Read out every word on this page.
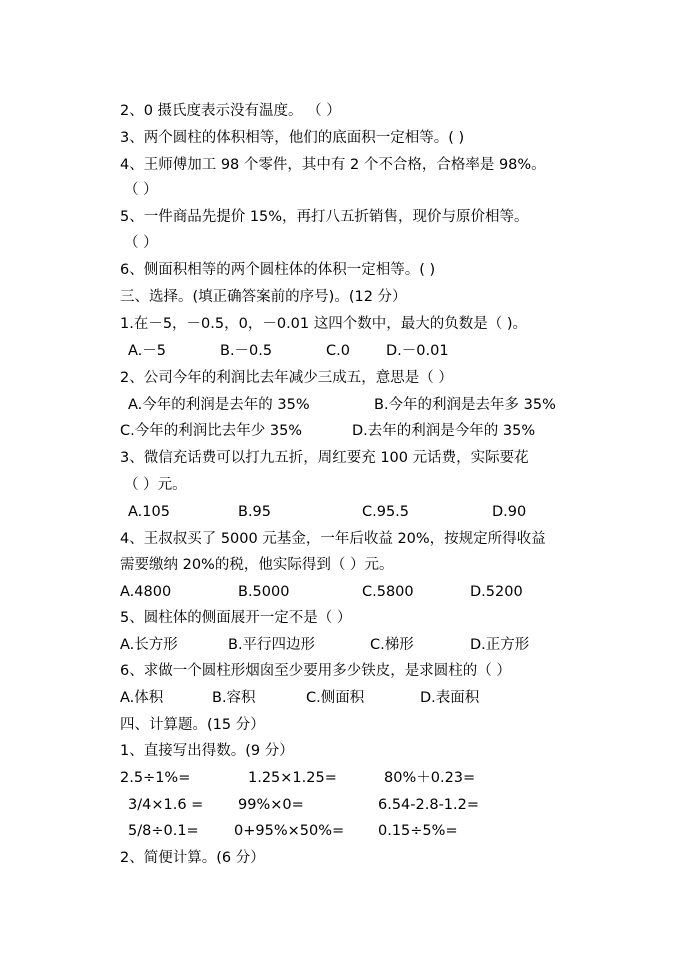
2、0 摄氏度表示没有温度。 （ ）
3、两个圆柱的体积相等，他们的底面积一定相等。( )
4、王师傅加工 98 个零件，其中有 2 个不合格，合格率是 98%。
（ ）
5、一件商品先提价 15%，再打八五折销售，现价与原价相等。
（ ）
6、侧面积相等的两个圆柱体的体积一定相等。( )
三、选择。(填正确答案前的序号)。(12 分）
1.在－5，－0.5，0，－0.01 这四个数中，最大的负数是（ )。
A.－5	B.－0.5	C.0 D.－0.01
2、公司今年的利润比去年减少三成五，意思是（ ）
A.今年的利润是去年的 35%	B.今年的利润是去年多 35%
C.今年的利润比去年少 35%	D.去年的利润是今年的 35%
3、微信充话费可以打九五折，周红要充 100 元话费，实际要花
（ ）元。
A.105	B.95	C.95.5	D.90
4、王叔叔买了 5000 元基金，一年后收益 20%，按规定所得收益
需要缴纳 20%的税，他实际得到（ ）元。
A.4800	B.5000	C.5800	D.5200
5、圆柱体的侧面展开一定不是（ ）
A.长方形	B.平行四边形	C.梯形	D.正方形
6、求做一个圆柱形烟囱至少要用多少铁皮，是求圆柱的（ ）
A.体积	B.容积	C.侧面积	D.表面积
四、计算题。(15 分）
1、直接写出得数。(9 分）
2.5÷1%=	1.25×1.25=	80%＋0.23=
3/4×1.6 = 99%×0=	6.54-2.8-1.2=
5/8÷0.1= 0+95%×50%= 0.15÷5%=
2、简便计算。(6 分）
